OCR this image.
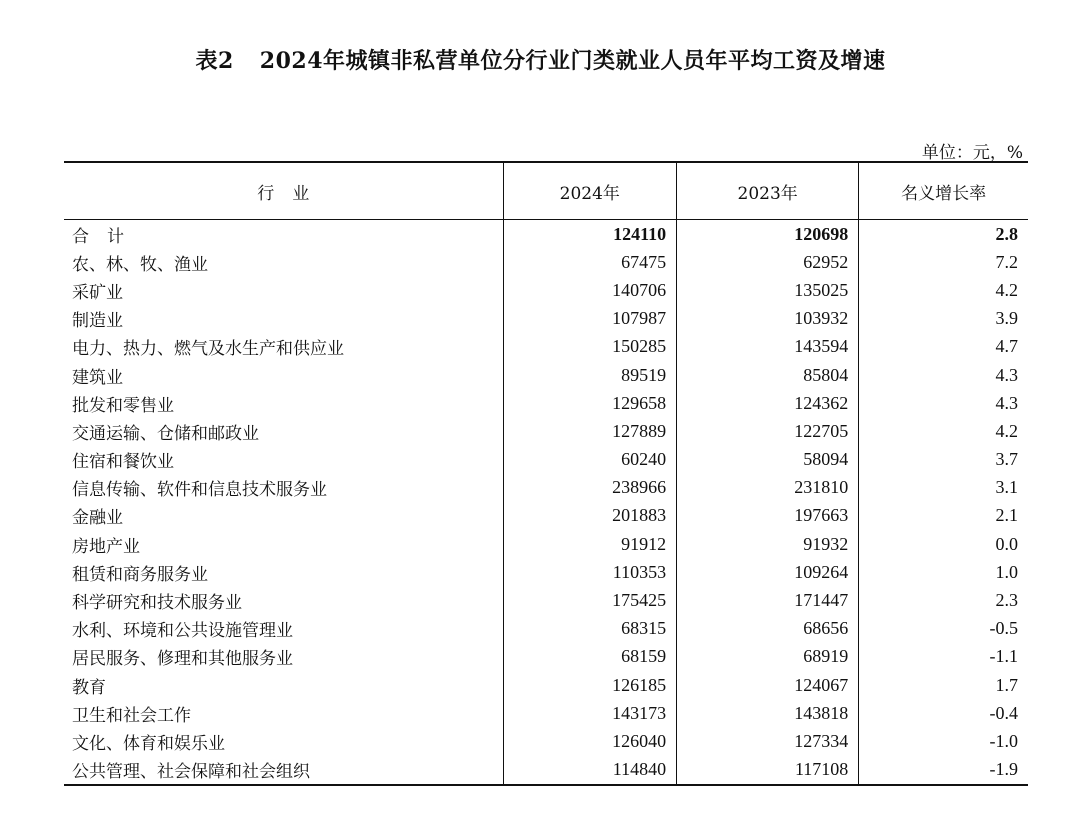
表2 2024年城镇非私营单位分行业门类就业人员年平均工资及增速
单位：元，%
行业	2024年	2023年	名义增长率
合计	124110	120698	2.8
农、林、牧、渔业	67475	62952	7.2
采矿业	140706	135025	4.2
制造业	107987	103932	3.9
电力、热力、燃气及水生产和供应业	150285	143594	4.7
建筑业	89519	85804	4.3
批发和零售业	129658	124362	4.3
交通运输、仓储和邮政业	127889	122705	4.2
住宿和餐饮业	60240	58094	3.7
信息传输、软件和信息技术服务业	238966	231810	3.1
金融业	201883	197663	2.1
房地产业	91912	91932	0.0
租赁和商务服务业	110353	109264	1.0
科学研究和技术服务业	175425	171447	2.3
水利、环境和公共设施管理业	68315	68656	-0.5
居民服务、修理和其他服务业	68159	68919	-1.1
教育	126185	124067	1.7
卫生和社会工作	143173	143818	-0.4
文化、体育和娱乐业	126040	127334	-1.0
公共管理、社会保障和社会组织	114840	117108	-1.9
